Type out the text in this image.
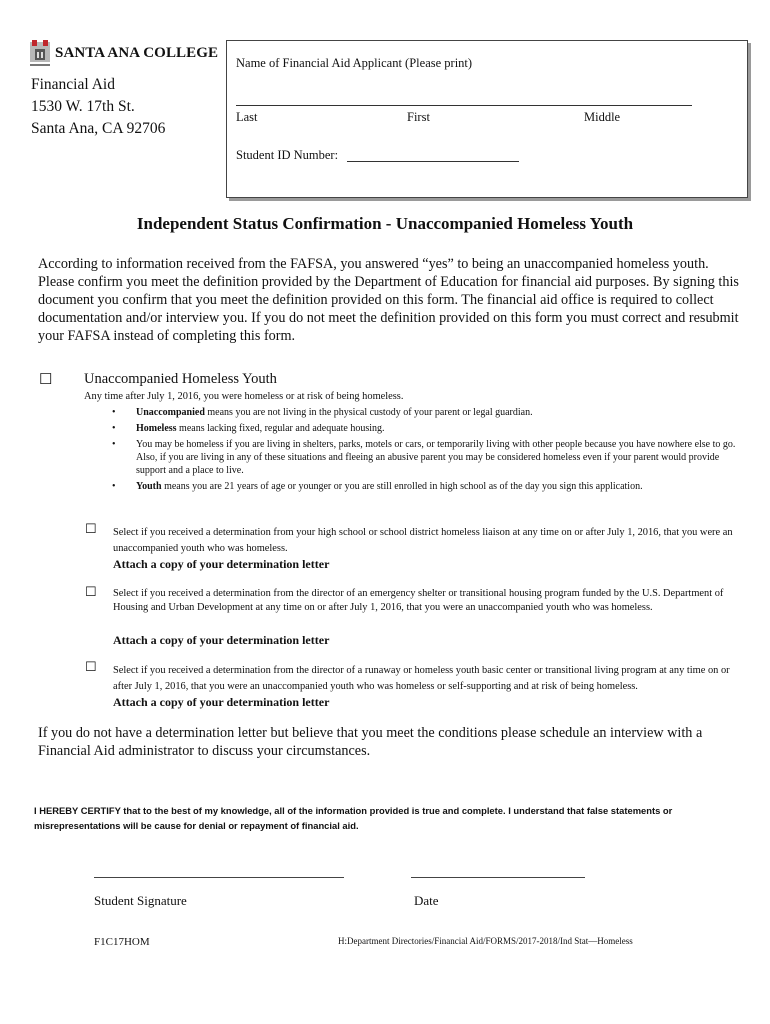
SANTA ANA COLLEGE
Financial Aid
1530 W. 17th St.
Santa Ana, CA 92706
Name of Financial Aid Applicant (Please print)
Last	First	Middle
Student ID Number:
Independent Status Confirmation - Unaccompanied Homeless Youth
According to information received from the FAFSA, you answered “yes” to being an unaccompanied homeless youth. Please confirm you meet the definition provided by the Department of Education for financial aid purposes. By signing this document you confirm that you meet the definition provided on this form. The financial aid office is required to collect documentation and/or interview you. If you do not meet the definition provided on this form you must correct and resubmit your FAFSA instead of completing this form.
☐ Unaccompanied Homeless Youth
Any time after July 1, 2016, you were homeless or at risk of being homeless.
• Unaccompanied means you are not living in the physical custody of your parent or legal guardian.
• Homeless means lacking fixed, regular and adequate housing.
• You may be homeless if you are living in shelters, parks, motels or cars, or temporarily living with other people because you have nowhere else to go. Also, if you are living in any of these situations and fleeing an abusive parent you may be considered homeless even if your parent would provide support and a place to live.
• Youth means you are 21 years of age or younger or you are still enrolled in high school as of the day you sign this application.
☐ Select if you received a determination from your high school or school district homeless liaison at any time on or after July 1, 2016, that you were an unaccompanied youth who was homeless.
Attach a copy of your determination letter
☐ Select if you received a determination from the director of an emergency shelter or transitional housing program funded by the U.S. Department of Housing and Urban Development at any time on or after July 1, 2016, that you were an unaccompanied youth who was homeless.
Attach a copy of your determination letter
☐ Select if you received a determination from the director of a runaway or homeless youth basic center or transitional living program at any time on or after July 1, 2016, that you were an unaccompanied youth who was homeless or self-supporting and at risk of being homeless.
Attach a copy of your determination letter
If you do not have a determination letter but believe that you meet the conditions please schedule an interview with a Financial Aid administrator to discuss your circumstances.
I HEREBY CERTIFY that to the best of my knowledge, all of the information provided is true and complete. I understand that false statements or misrepresentations will be cause for denial or repayment of financial aid.
Student Signature	Date
F1C17HOM	H:Department Directories/Financial Aid/FORMS/2017-2018/Ind Stat—Homeless
